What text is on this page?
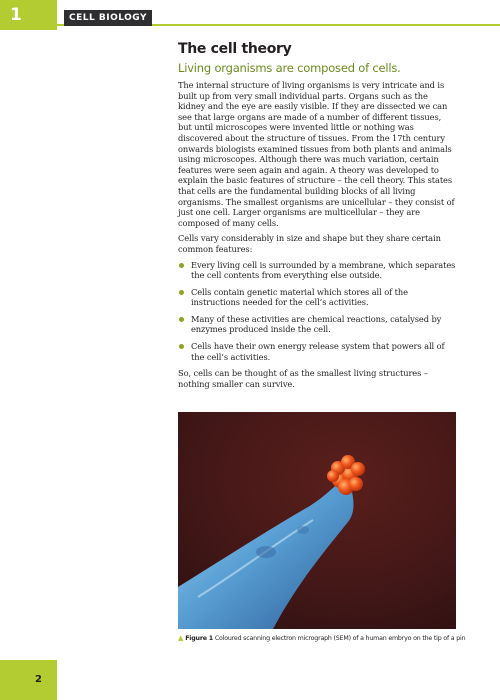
1	CELL BIOLOGY
The cell theory
Living organisms are composed of cells.

The internal structure of living organisms is very intricate and is built up from very small individual parts. Organs such as the kidney and the eye are easily visible. If they are dissected we can see that large organs are made of a number of different tissues, but until microscopes were invented little or nothing was discovered about the structure of tissues. From the 17th century onwards biologists examined tissues from both plants and animals using microscopes. Although there was much variation, certain features were seen again and again. A theory was developed to explain the basic features of structure – the cell theory. This states that cells are the fundamental building blocks of all living organisms. The smallest organisms are unicellular – they consist of just one cell. Larger organisms are multicellular – they are composed of many cells.

Cells vary considerably in size and shape but they share certain common features:

Every living cell is surrounded by a membrane, which separates the cell contents from everything else outside.
Cells contain genetic material which stores all of the instructions needed for the cell’s activities.
Many of these activities are chemical reactions, catalysed by enzymes produced inside the cell.
Cells have their own energy release system that powers all of the cell’s activities.

So, cells can be thought of as the smallest living structures – nothing smaller can survive.

▲ Figure 1 Coloured scanning electron micrograph (SEM) of a human embryo on the tip of a pin
2
